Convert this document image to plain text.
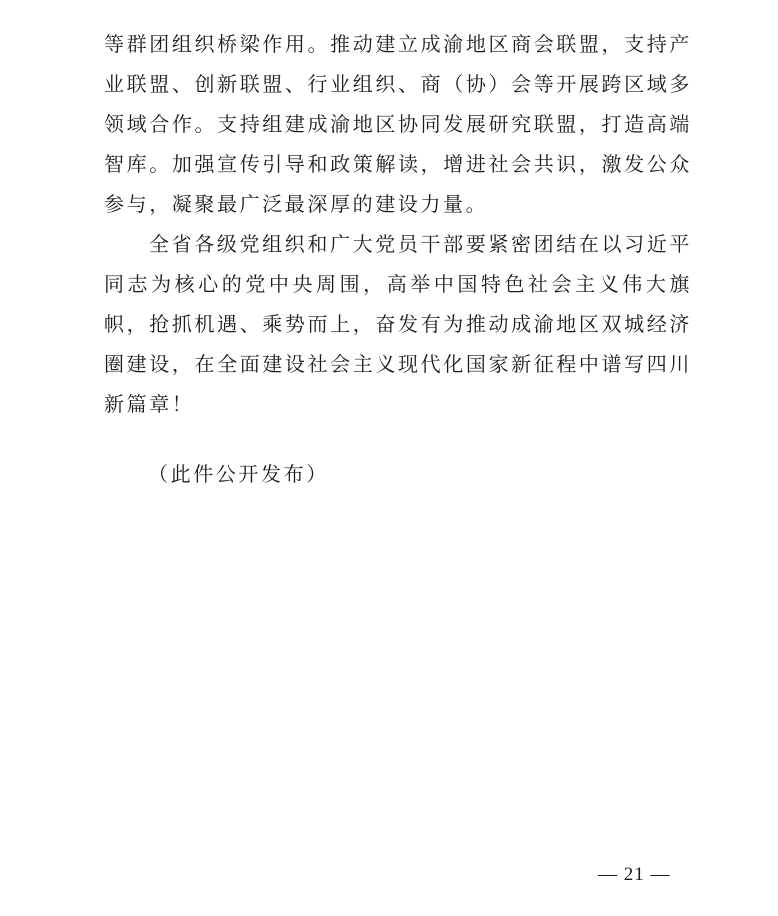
等群团组织桥梁作用。推动建立成渝地区商会联盟，支持产业联盟、创新联盟、行业组织、商（协）会等开展跨区域多领域合作。支持组建成渝地区协同发展研究联盟，打造高端智库。加强宣传引导和政策解读，增进社会共识，激发公众参与，凝聚最广泛最深厚的建设力量。

全省各级党组织和广大党员干部要紧密团结在以习近平同志为核心的党中央周围，高举中国特色社会主义伟大旗帜，抢抓机遇、乘势而上，奋发有为推动成渝地区双城经济圈建设，在全面建设社会主义现代化国家新征程中谱写四川新篇章！

（此件公开发布）

— 21 —
